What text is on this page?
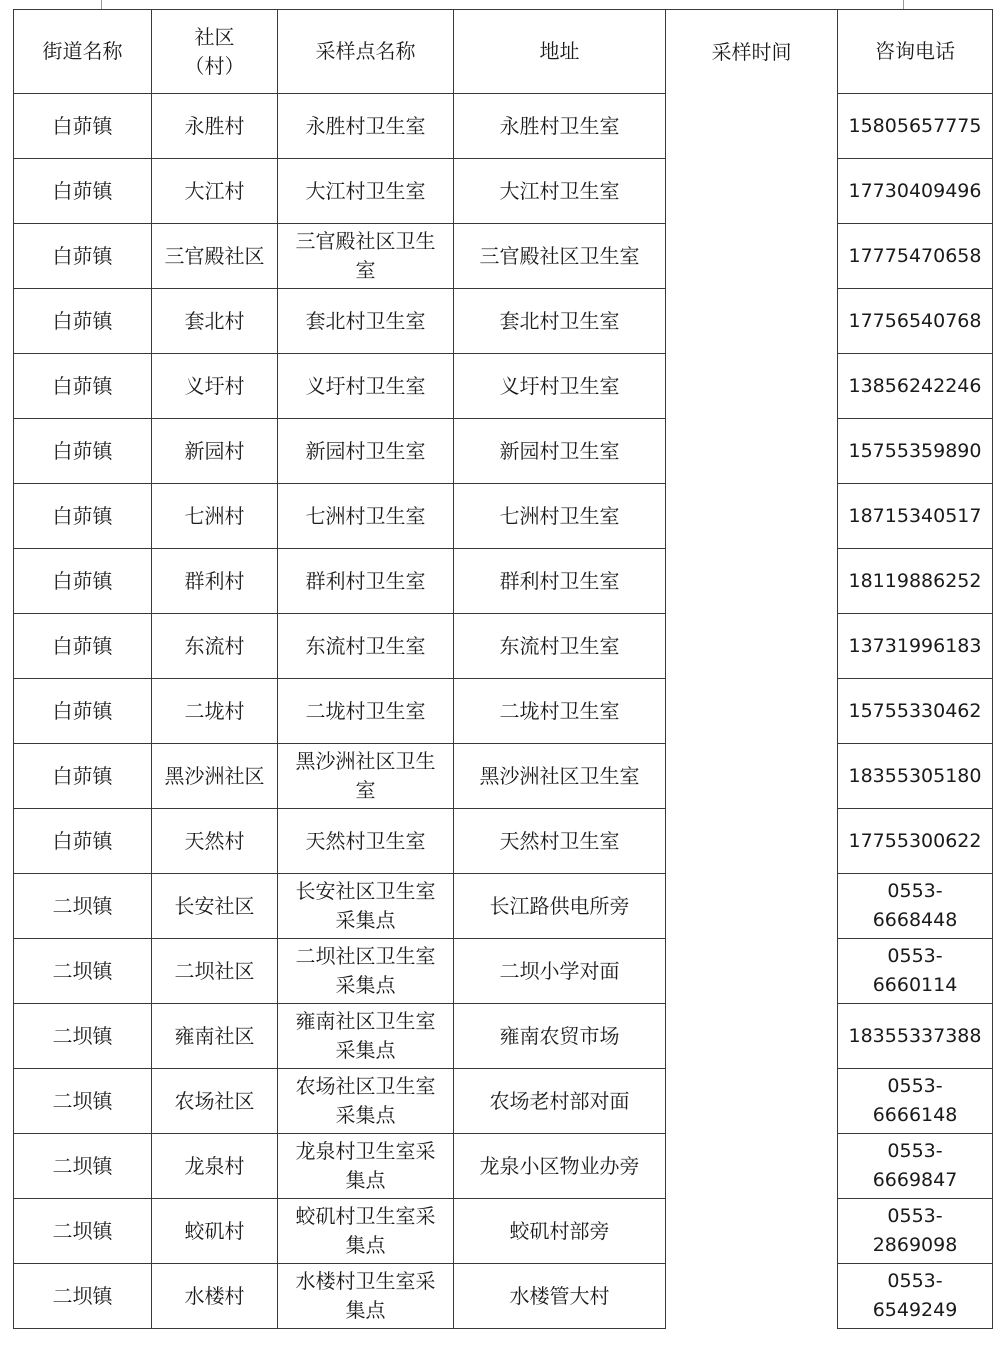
街道名称	社区（村）	采样点名称	地址	采样时间	咨询电话
白茆镇	永胜村	永胜村卫生室	永胜村卫生室		15805657775
白茆镇	大江村	大江村卫生室	大江村卫生室		17730409496
白茆镇	三官殿社区	三官殿社区卫生室	三官殿社区卫生室		17775470658
白茆镇	套北村	套北村卫生室	套北村卫生室		17756540768
白茆镇	义圩村	义圩村卫生室	义圩村卫生室		13856242246
白茆镇	新园村	新园村卫生室	新园村卫生室		15755359890
白茆镇	七洲村	七洲村卫生室	七洲村卫生室		18715340517
白茆镇	群利村	群利村卫生室	群利村卫生室		18119886252
白茆镇	东流村	东流村卫生室	东流村卫生室		13731996183
白茆镇	二垅村	二垅村卫生室	二垅村卫生室		15755330462
白茆镇	黑沙洲社区	黑沙洲社区卫生室	黑沙洲社区卫生室		18355305180
白茆镇	天然村	天然村卫生室	天然村卫生室		17755300622
二坝镇	长安社区	长安社区卫生室采集点	长江路供电所旁		0553-6668448
二坝镇	二坝社区	二坝社区卫生室采集点	二坝小学对面		0553-6660114
二坝镇	雍南社区	雍南社区卫生室采集点	雍南农贸市场		18355337388
二坝镇	农场社区	农场社区卫生室采集点	农场老村部对面		0553-6666148
二坝镇	龙泉村	龙泉村卫生室采集点	龙泉小区物业办旁		0553-6669847
二坝镇	蛟矶村	蛟矶村卫生室采集点	蛟矶村部旁		0553-2869098
二坝镇	水楼村	水楼村卫生室采集点	水楼管大村		0553-6549249
